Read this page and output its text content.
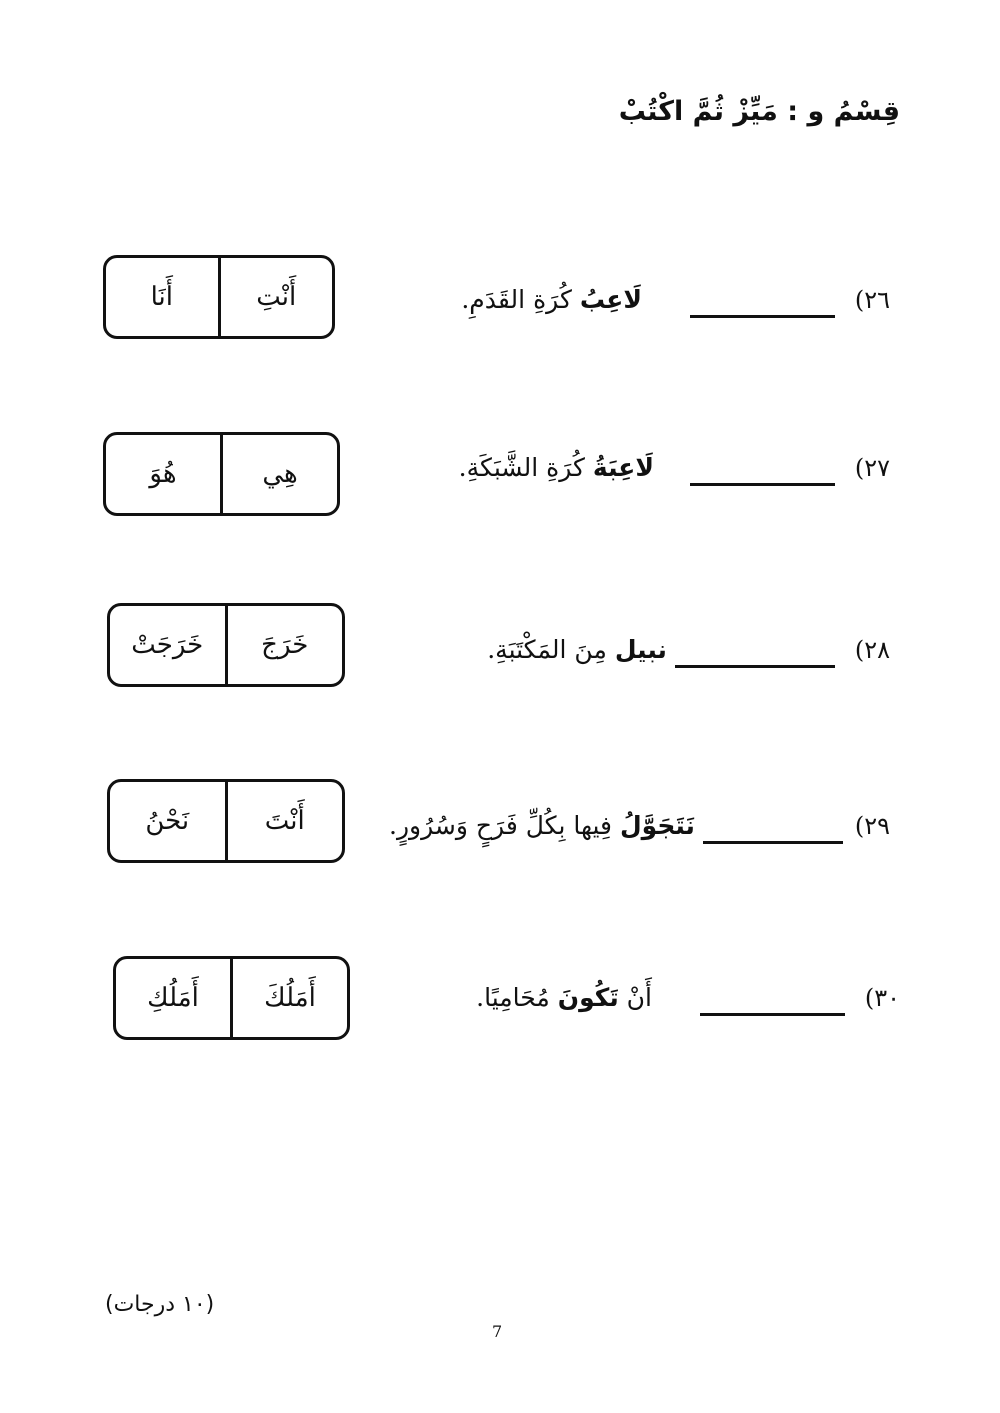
قِسْمُ و : مَيِّزْ ثُمَّ اكْتُبْ
٢٦)   لَاعِبُ كُرَةِ القَدَمِ.
أَنَا	أَنْتِ
٢٧)   لَاعِبَةُ كُرَةِ الشَّبَكَةِ.
هُوَ	هِي
٢٨)  نبيل مِنَ المَكْتَبَةِ.
خَرَجَتْ	خَرَجَ
٢٩)  نَتَجَوَّلُ فِيها بِكُلِّ فَرَحٍ وَسُرُورٍ.
نَحْنُ	أَنْتَ
٣٠)   أَنْ تَكُونَ مُحَامِيًا.
أَمَلُكِ	أَمَلُكَ
(١٠ درجات)
7
